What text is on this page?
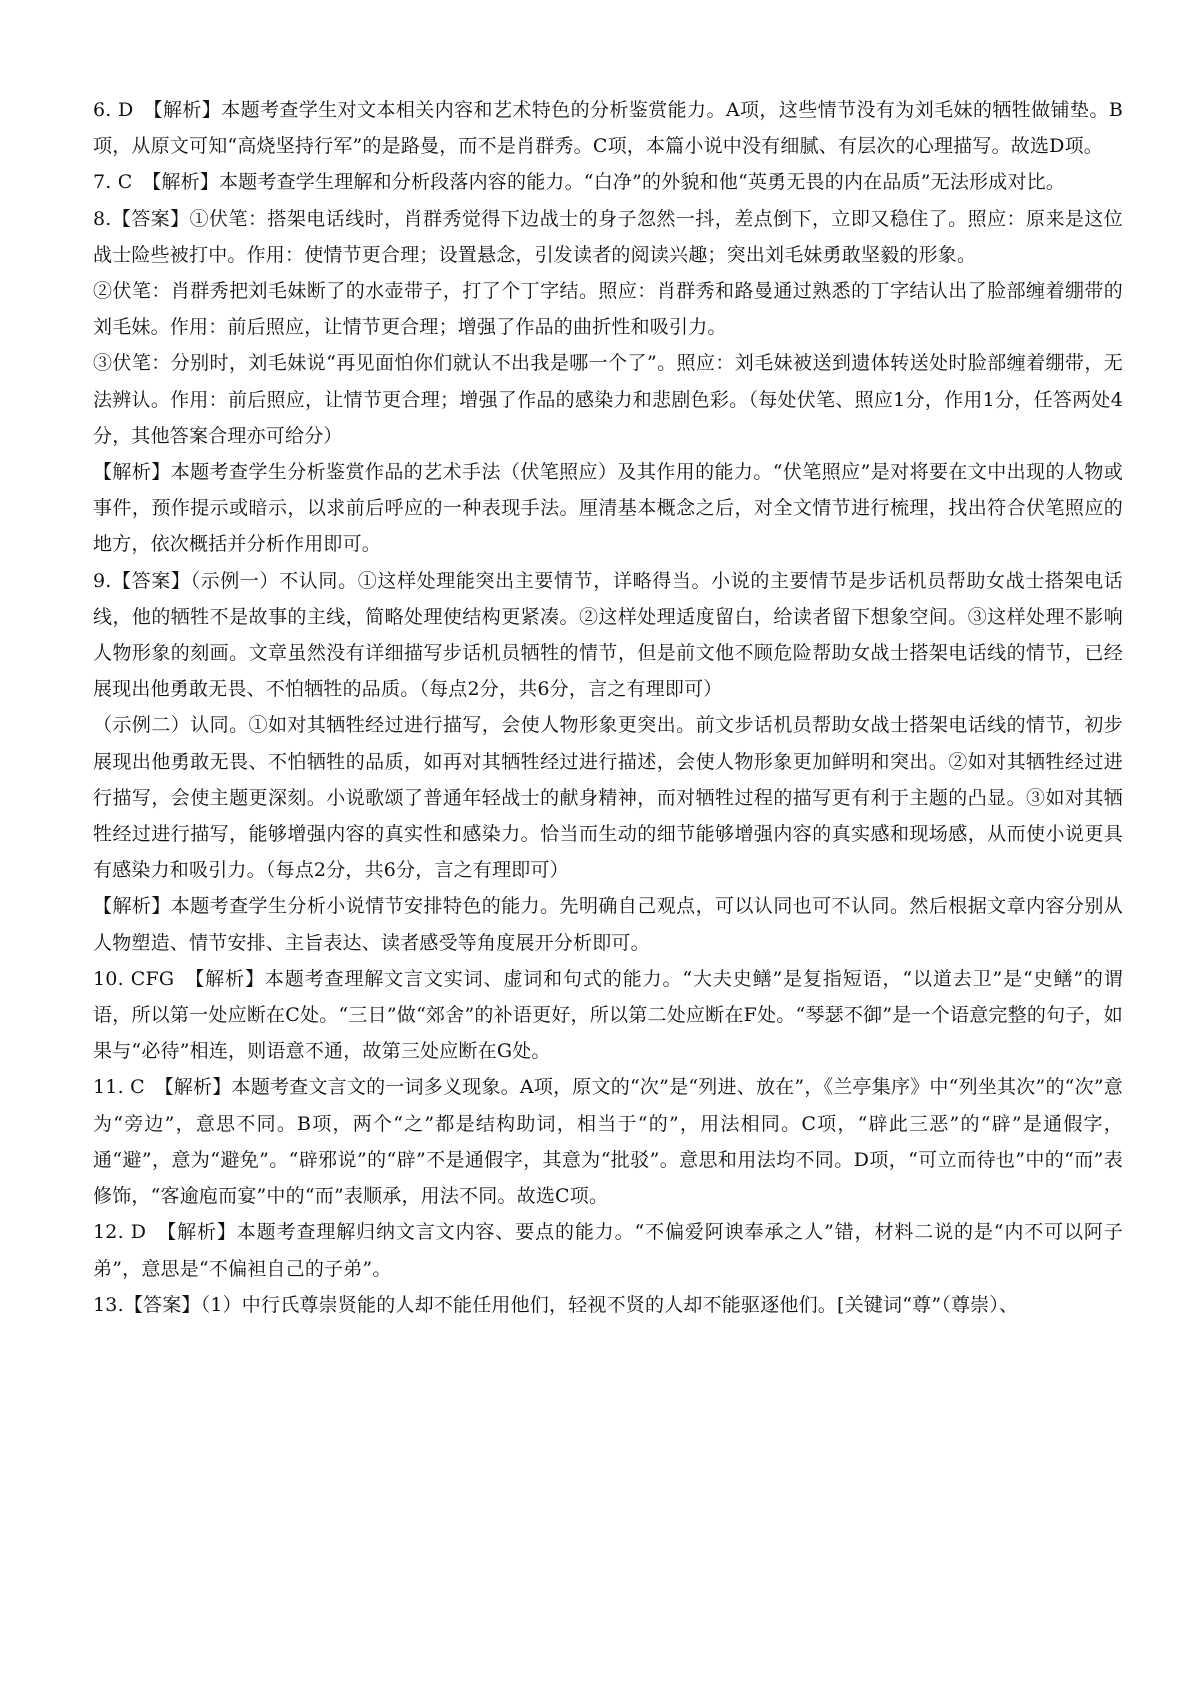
6. D　【解析】本题考查学生对文本相关内容和艺术特色的分析鉴赏能力。A项，这些情节没有为刘毛妹的牺牲做铺垫。B项，从原文可知“高烧坚持行军”的是路曼，而不是肖群秀。C项，本篇小说中没有细腻、有层次的心理描写。故选D项。

7. C　【解析】本题考查学生理解和分析段落内容的能力。“白净”的外貌和他“英勇无畏的内在品质”无法形成对比。

8.【答案】①伏笔：搭架电话线时，肖群秀觉得下边战士的身子忽然一抖，差点倒下，立即又稳住了。照应：原来是这位战士险些被打中。作用：使情节更合理；设置悬念，引发读者的阅读兴趣；突出刘毛妹勇敢坚毅的形象。

②伏笔：肖群秀把刘毛妹断了的水壶带子，打了个丁字结。照应：肖群秀和路曼通过熟悉的丁字结认出了脸部缠着绷带的刘毛妹。作用：前后照应，让情节更合理；增强了作品的曲折性和吸引力。

③伏笔：分别时，刘毛妹说“再见面怕你们就认不出我是哪一个了”。照应：刘毛妹被送到遗体转送处时脸部缠着绷带，无法辨认。作用：前后照应，让情节更合理；增强了作品的感染力和悲剧色彩。（每处伏笔、照应1分，作用1分，任答两处4分，其他答案合理亦可给分）

【解析】本题考查学生分析鉴赏作品的艺术手法（伏笔照应）及其作用的能力。“伏笔照应”是对将要在文中出现的人物或事件，预作提示或暗示，以求前后呼应的一种表现手法。厘清基本概念之后，对全文情节进行梳理，找出符合伏笔照应的地方，依次概括并分析作用即可。

9.【答案】（示例一）不认同。①这样处理能突出主要情节，详略得当。小说的主要情节是步话机员帮助女战士搭架电话线，他的牺牲不是故事的主线，简略处理使结构更紧凑。②这样处理适度留白，给读者留下想象空间。③这样处理不影响人物形象的刻画。文章虽然没有详细描写步话机员牺牲的情节，但是前文他不顾危险帮助女战士搭架电话线的情节，已经展现出他勇敢无畏、不怕牺牲的品质。（每点2分，共6分，言之有理即可）

（示例二）认同。①如对其牺牲经过进行描写，会使人物形象更突出。前文步话机员帮助女战士搭架电话线的情节，初步展现出他勇敢无畏、不怕牺牲的品质，如再对其牺牲经过进行描述，会使人物形象更加鲜明和突出。②如对其牺牲经过进行描写，会使主题更深刻。小说歌颂了普通年轻战士的献身精神，而对牺牲过程的描写更有利于主题的凸显。③如对其牺牲经过进行描写，能够增强内容的真实性和感染力。恰当而生动的细节能够增强内容的真实感和现场感，从而使小说更具有感染力和吸引力。（每点2分，共6分，言之有理即可）

【解析】本题考查学生分析小说情节安排特色的能力。先明确自己观点，可以认同也可不认同。然后根据文章内容分别从人物塑造、情节安排、主旨表达、读者感受等角度展开分析即可。

10. CFG　【解析】本题考查理解文言文实词、虚词和句式的能力。“大夫史鳝”是复指短语，“以道去卫”是“史鳝”的谓语，所以第一处应断在C处。“三日”做“郊舍”的补语更好，所以第二处应断在F处。“琴瑟不御”是一个语意完整的句子，如果与“必待”相连，则语意不通，故第三处应断在G处。

11. C　【解析】本题考查文言文的一词多义现象。A项，原文的“次”是“列进、放在”，《兰亭集序》中“列坐其次”的“次”意为“旁边”，意思不同。B项，两个“之”都是结构助词，相当于“的”，用法相同。C项，“辟此三恶”的“辟”是通假字，通“避”，意为“避免”。“辟邪说”的“辟”不是通假字，其意为“批驳”。意思和用法均不同。D项，“可立而待也”中的“而”表修饰，“客逾庖而宴”中的“而”表顺承，用法不同。故选C项。

12. D　【解析】本题考查理解归纳文言文内容、要点的能力。“不偏爱阿谀奉承之人”错，材料二说的是“内不可以阿子弟”，意思是“不偏袒自己的子弟”。

13.【答案】（1）中行氏尊崇贤能的人却不能任用他们，轻视不贤的人却不能驱逐他们。[关键词“尊”（尊崇）、
